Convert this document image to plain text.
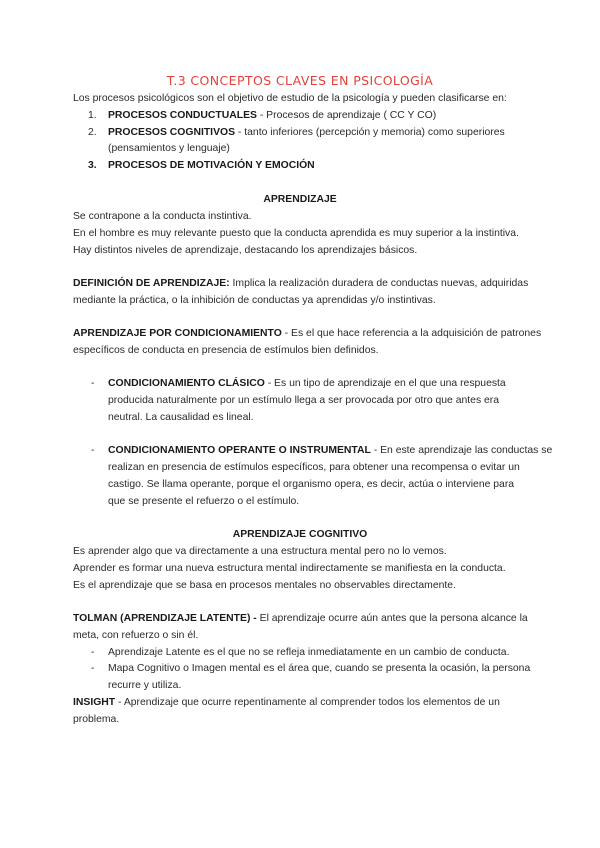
T.3 CONCEPTOS CLAVES EN PSICOLOGÍA
Los procesos psicológicos son el objetivo de estudio de la psicología y pueden clasificarse en:
1. PROCESOS CONDUCTUALES - Procesos de aprendizaje ( CC Y CO)
2. PROCESOS COGNITIVOS - tanto inferiores (percepción y memoria) como superiores
(pensamientos y lenguaje)
3. PROCESOS DE MOTIVACIÓN Y EMOCIÓN
APRENDIZAJE
Se contrapone a la conducta instintiva.
En el hombre es muy relevante puesto que la conducta aprendida es muy superior a la instintiva.
Hay distintos niveles de aprendizaje, destacando los aprendizajes básicos.
DEFINICIÓN DE APRENDIZAJE: Implica la realización duradera de conductas nuevas, adquiridas
mediante la práctica, o la inhibición de conductas ya aprendidas y/o instintivas.
APRENDIZAJE POR CONDICIONAMIENTO - Es el que hace referencia a la adquisición de patrones
específicos de conducta en presencia de estímulos bien definidos.
- CONDICIONAMIENTO CLÁSICO - Es un tipo de aprendizaje en el que una respuesta
producida naturalmente por un estímulo llega a ser provocada por otro que antes era
neutral. La causalidad es lineal.
- CONDICIONAMIENTO OPERANTE O INSTRUMENTAL - En este aprendizaje las conductas se
realizan en presencia de estímulos específicos, para obtener una recompensa o evitar un
castigo. Se llama operante, porque el organismo opera, es decir, actúa o interviene para
que se presente el refuerzo o el estímulo.
APRENDIZAJE COGNITIVO
Es aprender algo que va directamente a una estructura mental pero no lo vemos.
Aprender es formar una nueva estructura mental indirectamente se manifiesta en la conducta.
Es el aprendizaje que se basa en procesos mentales no observables directamente.
TOLMAN (APRENDIZAJE LATENTE) - El aprendizaje ocurre aún antes que la persona alcance la
meta, con refuerzo o sin él.
- Aprendizaje Latente es el que no se refleja inmediatamente en un cambio de conducta.
- Mapa Cognitivo o Imagen mental es el área que, cuando se presenta la ocasión, la persona
recurre y utiliza.
INSIGHT - Aprendizaje que ocurre repentinamente al comprender todos los elementos de un
problema.
